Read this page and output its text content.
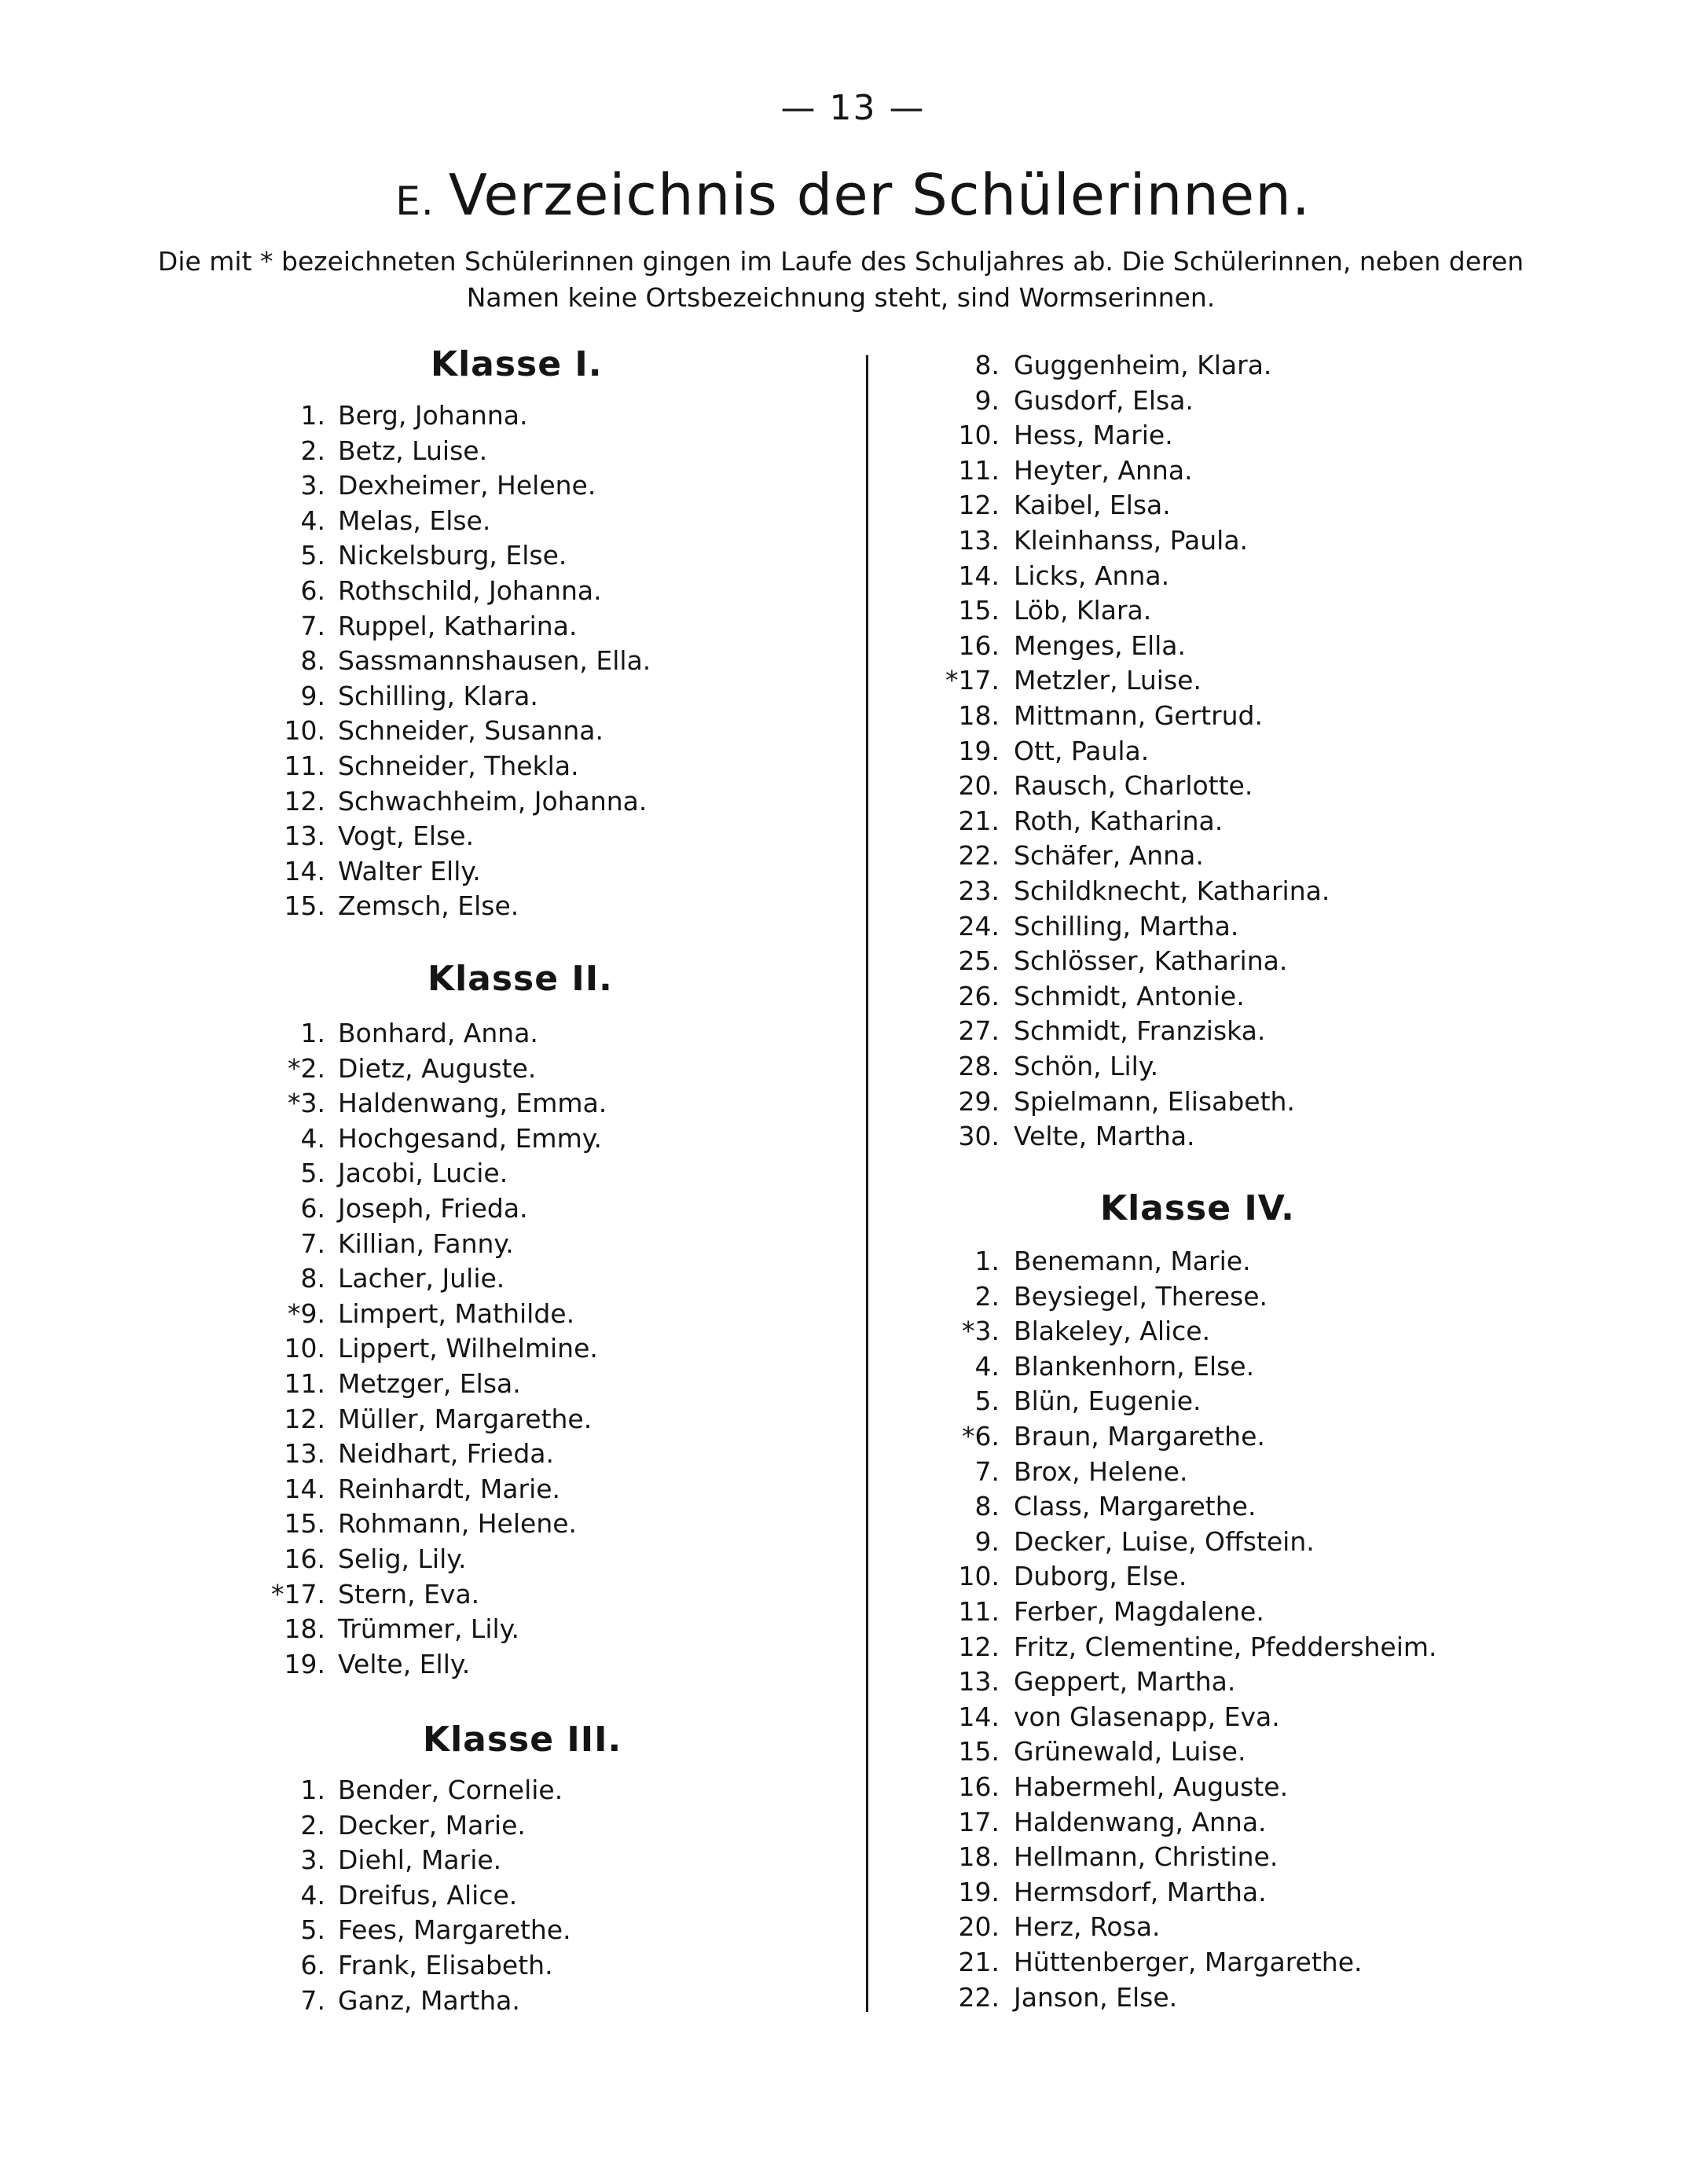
— 13 —
E. Verzeichnis der Schülerinnen.
Die mit * bezeichneten Schülerinnen gingen im Laufe des Schuljahres ab. Die Schülerinnen, neben deren Namen keine Ortsbezeichnung steht, sind Wormserinnen.
Klasse I.
1. Berg, Johanna.
2. Betz, Luise.
3. Dexheimer, Helene.
4. Melas, Else.
5. Nickelsburg, Else.
6. Rothschild, Johanna.
7. Ruppel, Katharina.
8. Sassmannshausen, Ella.
9. Schilling, Klara.
10. Schneider, Susanna.
11. Schneider, Thekla.
12. Schwachheim, Johanna.
13. Vogt, Else.
14. Walter Elly.
15. Zemsch, Else.
Klasse II.
1. Bonhard, Anna.
*2. Dietz, Auguste.
*3. Haldenwang, Emma.
4. Hochgesand, Emmy.
5. Jacobi, Lucie.
6. Joseph, Frieda.
7. Killian, Fanny.
8. Lacher, Julie.
*9. Limpert, Mathilde.
10. Lippert, Wilhelmine.
11. Metzger, Elsa.
12. Müller, Margarethe.
13. Neidhart, Frieda.
14. Reinhardt, Marie.
15. Rohmann, Helene.
16. Selig, Lily.
*17. Stern, Eva.
18. Trümmer, Lily.
19. Velte, Elly.
Klasse III.
1. Bender, Cornelie.
2. Decker, Marie.
3. Diehl, Marie.
4. Dreifus, Alice.
5. Fees, Margarethe.
6. Frank, Elisabeth.
7. Ganz, Martha.
8. Guggenheim, Klara.
9. Gusdorf, Elsa.
10. Hess, Marie.
11. Heyter, Anna.
12. Kaibel, Elsa.
13. Kleinhanss, Paula.
14. Licks, Anna.
15. Löb, Klara.
16. Menges, Ella.
*17. Metzler, Luise.
18. Mittmann, Gertrud.
19. Ott, Paula.
20. Rausch, Charlotte.
21. Roth, Katharina.
22. Schäfer, Anna.
23. Schildknecht, Katharina.
24. Schilling, Martha.
25. Schlösser, Katharina.
26. Schmidt, Antonie.
27. Schmidt, Franziska.
28. Schön, Lily.
29. Spielmann, Elisabeth.
30. Velte, Martha.
Klasse IV.
1. Benemann, Marie.
2. Beysiegel, Therese.
*3. Blakeley, Alice.
4. Blankenhorn, Else.
5. Blün, Eugenie.
*6. Braun, Margarethe.
7. Brox, Helene.
8. Class, Margarethe.
9. Decker, Luise, Offstein.
10. Duborg, Else.
11. Ferber, Magdalene.
12. Fritz, Clementine, Pfeddersheim.
13. Geppert, Martha.
14. von Glasenapp, Eva.
15. Grünewald, Luise.
16. Habermehl, Auguste.
17. Haldenwang, Anna.
18. Hellmann, Christine.
19. Hermsdorf, Martha.
20. Herz, Rosa.
21. Hüttenberger, Margarethe.
22. Janson, Else.
